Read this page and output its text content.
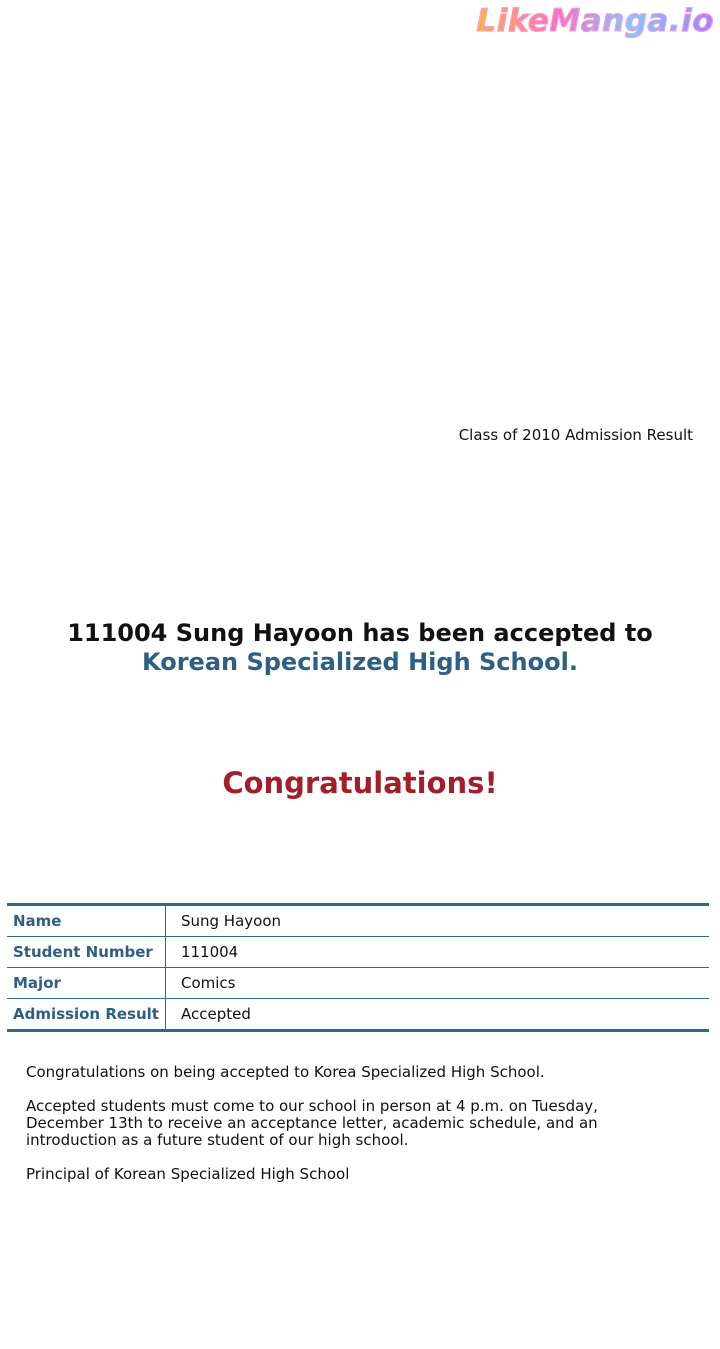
LikeManga.io
Class of 2010 Admission Result
111004 Sung Hayoon has been accepted to
Korean Specialized High School.
Congratulations!
Name	Sung Hayoon
Student Number	111004
Major	Comics
Admission Result	Accepted

Congratulations on being accepted to Korea Specialized High School.

Accepted students must come to our school in person at 4 p.m. on Tuesday, December 13th to receive an acceptance letter, academic schedule, and an introduction as a future student of our high school.

Principal of Korean Specialized High School
